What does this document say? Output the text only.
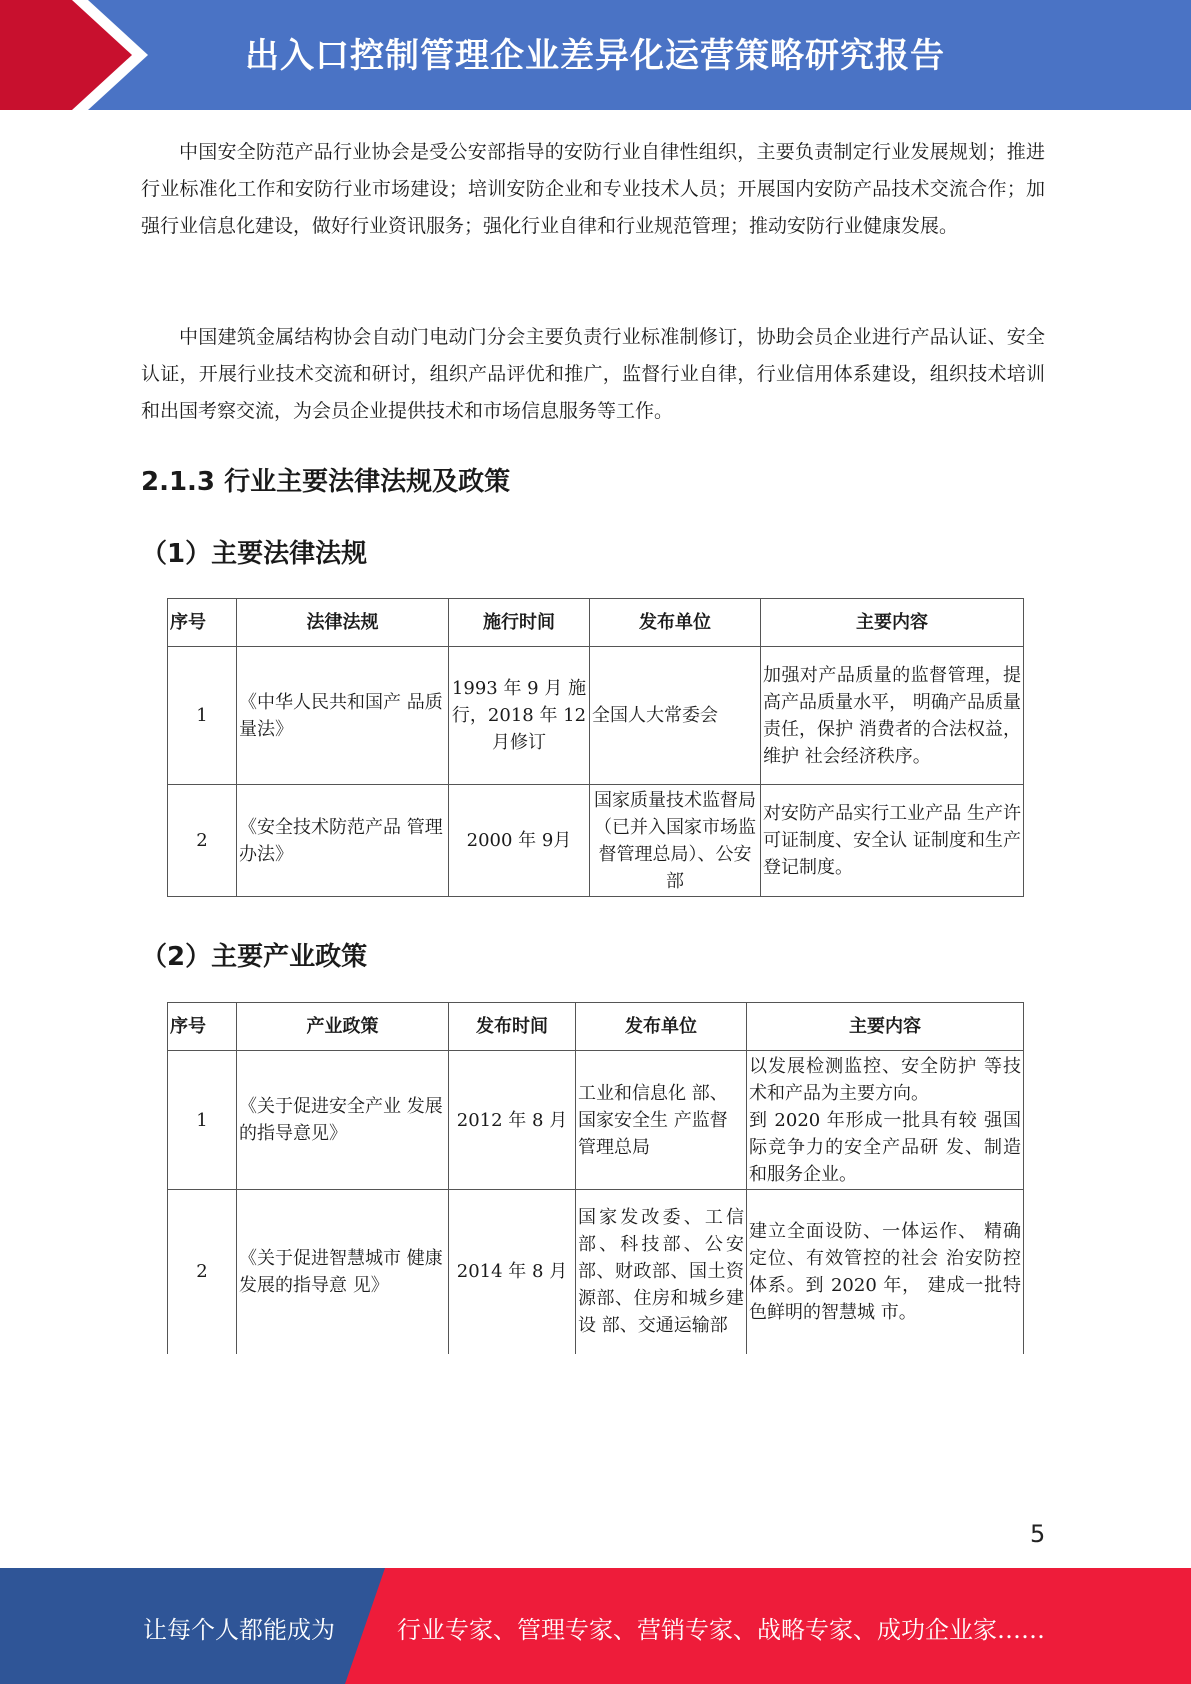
出入口控制管理企业差异化运营策略研究报告

中国安全防范产品行业协会是受公安部指导的安防行业自律性组织，主要负责制定行业发展规划；推进行业标准化工作和安防行业市场建设；培训安防企业和专业技术人员；开展国内安防产品技术交流合作；加强行业信息化建设，做好行业资讯服务；强化行业自律和行业规范管理；推动安防行业健康发展。

中国建筑金属结构协会自动门电动门分会主要负责行业标准制修订，协助会员企业进行产品认证、安全认证，开展行业技术交流和研讨，组织产品评优和推广，监督行业自律，行业信用体系建设，组织技术培训和出国考察交流，为会员企业提供技术和市场信息服务等工作。

2.1.3 行业主要法律法规及政策
（1）主要法律法规
序号	法律法规	施行时间	发布单位	主要内容
1	《中华人民共和国产 品质量法》	1993 年 9 月 施行，2018 年 12 月修订	全国人大常委会	加强对产品质量的监督管理，提高产品质量水平， 明确产品质量责任，保护 消费者的合法权益，维护 社会经济秩序。
2	《安全技术防范产品 管理办法》	2000 年 9月	国家质量技术监督局（已并入国家市场监督管理总局）、公安部	对安防产品实行工业产品 生产许可证制度、安全认 证制度和生产登记制度。
（2）主要产业政策
序号	产业政策	发布时间	发布单位	主要内容
1	《关于促进安全产业 发展的指导意见》	2012 年 8 月	工业和信息化 部、国家安全生 产监督管理总局	以发展检测监控、安全防护 等技术和产品为主要方向。
到 2020 年形成一批具有较 强国际竞争力的安全产品研 发、制造和服务企业。

2	《关于促进智慧城市 健康发展的指导意 见》	2014 年 8 月	国家发改委、工信部、科技部、公安部、财政部、国土资源部、住房和城乡建设 部、交通运输部	建立全面设防、一体运作、 精确定位、有效管控的社会 治安防控体系。到 2020 年， 建成一批特色鲜明的智慧城 市。
5
让每个人都能成为	行业专家、管理专家、营销专家、战略专家、成功企业家……
